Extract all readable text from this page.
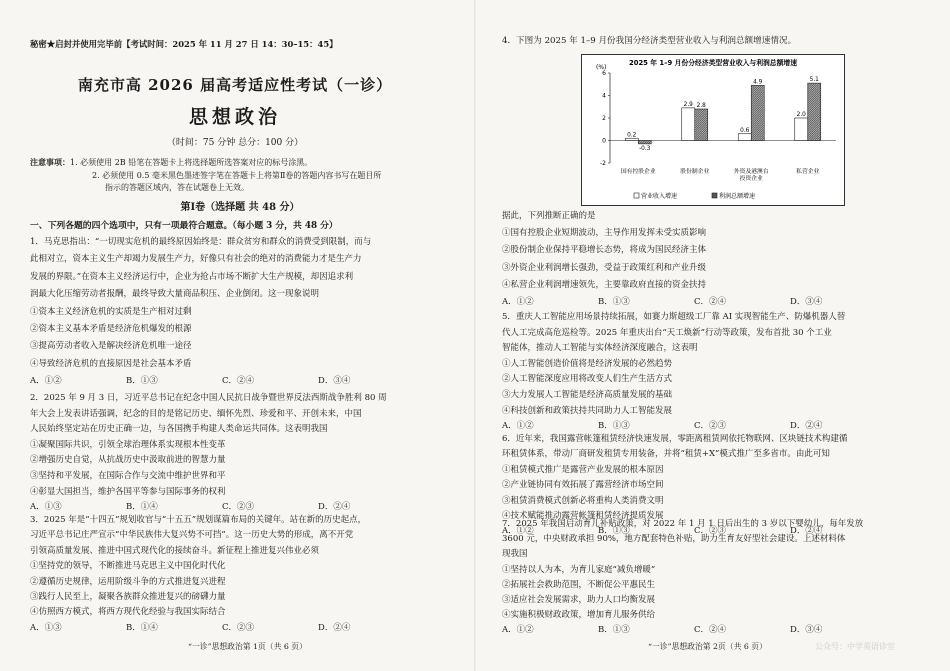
秘密★启封并使用完毕前【考试时间：2025 年 11 月 27 日 14：30–15：45】
南充市高 2026 届高考适应性考试（一诊）
思想政治
（时间：75 分钟 总分：100 分）
注意事项：1. 必须使用 2B 铅笔在答题卡上将选择题所选答案对应的标号涂黑。
2. 必须使用 0.5 毫米黑色墨迹签字笔在答题卡上将第Ⅱ卷的答题内容书写在题目所
指示的答题区域内，答在试题卷上无效。
第Ⅰ卷（选择题 共 48 分）
一、下列各题的四个选项中，只有一项最符合题意。（每小题 3 分，共 48 分）
1．马克思指出：“一切现实危机的最终原因始终是：群众贫穷和群众的消费受到限制，而与
此相对立，资本主义生产却竭力发展生产力，好像只有社会的绝对的消费能力才是生产力
发展的界限。”在资本主义经济运行中，企业为抢占市场不断扩大生产规模，却因追求利
润最大化压缩劳动者报酬，最终导致大量商品积压、企业倒闭。这一现象说明
①资本主义经济危机的实质是生产相对过剩
②资本主义基本矛盾是经济危机爆发的根源
③提高劳动者收入是解决经济危机唯一途径
④导致经济危机的直接原因是社会基本矛盾
A．①②	B．①③	C．②④	D．③④
2．2025 年 9 月 3 日，习近平总书记在纪念中国人民抗日战争暨世界反法西斯战争胜利 80 周
年大会上发表讲话强调，纪念的目的是铭记历史、缅怀先烈、珍爱和平、开创未来，中国
人民始终坚定站在历史正确一边，与各国携手构建人类命运共同体。这表明我国
①凝聚国际共识，引领全球治理体系实现根本性变革
②增强历史自觉，从抗战历史中汲取前进的智慧力量
③坚持和平发展，在国际合作与交流中维护世界和平
④彰显大国担当，维护各国平等参与国际事务的权利
A．①③	B．①④	C．②③	D．②④
3．2025 年是“十四五”规划收官与“十五五”规划谋篇布局的关键年。站在新的历史起点，
习近平总书记庄严宣示“中华民族伟大复兴势不可挡”。这一历史大势的形成，离不开党
引领高质量发展、推进中国式现代化的接续奋斗。新征程上推进复兴伟业必须
①坚持党的领导，不断推进马克思主义中国化时代化
②遵循历史规律，运用阶级斗争的方式推进复兴进程
③践行人民至上，凝聚各族群众推进复兴的磅礴力量
④仿照西方模式，将西方现代化经验与我国实际结合
A．①③	B．①④	C．②③	D．②④
“一诊”思想政治第 1页（共 6 页）
4．下图为 2025 年 1–9 月份我国分经济类型营业收入与利润总额增速情况。
2025 年 1–9 月份分经济类型营业收入与利润总额增速
(%)
6
4
2
0
-2
0.2
-0.3
国有控股企业
2.9 2.8
股份制企业
0.6
4.9
外资及港澳台
投资企业
2.0
5.1
私营企业
营业收入增速	利润总额增速
据此，下列推断正确的是
①国有控股企业短期波动，主导作用发挥未受实质影响
②股份制企业保持平稳增长态势，将成为国民经济主体
③外资企业利润增长强劲，受益于政策红利和产业升级
④私营企业利润增速领先，主要靠政府直接的资金扶持
A．①②	B．①③	C．②④	D．③④
5．重庆人工智能应用场景持续拓展，如赛力斯超级工厂靠 AI 实现智能生产、防爆机器人替
代人工完成高危巡检等。2025 年重庆出台“天工焕新”行动等政策，发布首批 30 个工业
智能体，推动人工智能与实体经济深度融合，这表明
①人工智能创造价值将是经济发展的必然趋势
②人工智能深度应用将改变人们生产生活方式
③大力发展人工智能是经济高质量发展的基础
④科技创新和政策扶持共同助力人工智能发展
A．①②	B．①③	C．②③	D．②④
6．近年来，我国露营帐篷租赁经济快速发展，零距离租赁网依托物联网、区块链技术构建循
环租赁体系，带动厂商研发租赁专用装备，并将“租赁+X”模式推广至多省市。由此可知
①租赁模式推广是露营产业发展的根本原因
②产业链协同有效拓展了露营经济市场空间
③租赁消费模式创新必将重构人类消费文明
④技术赋能推动露营帐篷租赁经济提质发展
A．①②	B．①③	C．②③	D．②④
7．2025 年我国启动育儿补贴政策，对 2022 年 1 月 1 日后出生的 3 岁以下婴幼儿，每年发放
3600 元，中央财政承担 90%，地方配套特色补贴，助力生育友好型社会建设。上述材料体
现我国
①坚持以人为本，为育儿家庭“减负增暖”
②拓展社会救助范围，不断促公平惠民生
③适应社会发展需求，助力人口均衡发展
④实施积极财政政策，增加育儿服务供给
A．①②	B．①③	C．②④	D．③④
“一诊”思想政治第 2页（共 6 页）	公众号：中学英语诊室
